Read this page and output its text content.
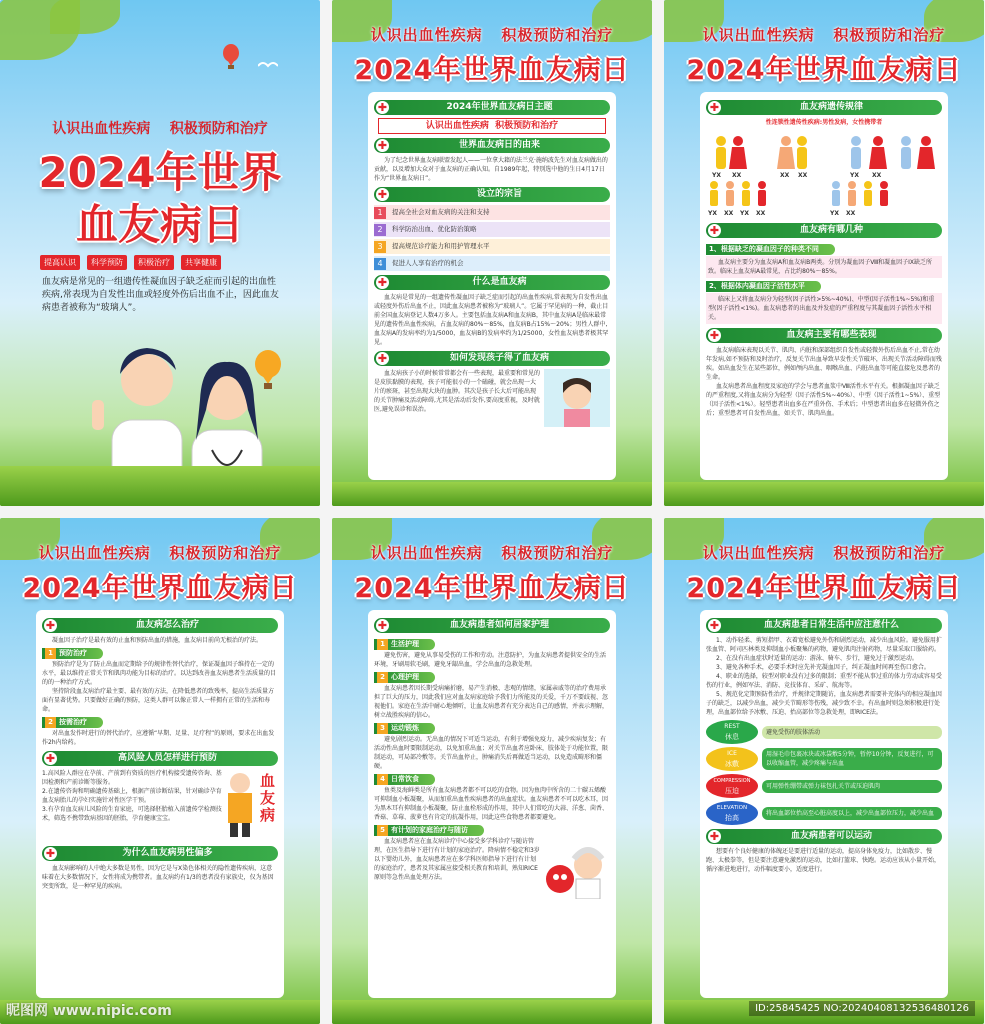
认识出血性疾病    积极预防和治疗
2024年世界
血友病日
提高认识	科学预防	积极治疗	共享健康
血友病是常见的一组遗传性凝血因子缺乏症而引起的出血性疾病,常表现为自发性出血或轻度外伤后出血不止，因此血友病患者被称为“玻璃人”。
认识出血性疾病   积极预防和治疗
2024年世界血友病日
✚	2024年世界血友病日主题
认识出血性疾病  积极预防和治疗
✚	世界血友病日的由来
为了纪念世界血友病联盟发起人——一位拿大籍的法兰克·施纳波先生对血友病做出的贡献，以及增加大众对于血友病的正确认知。自1989年起，特别选中他的生日4月17日作为“世界血友病日”。
✚	设立的宗旨
1	提高全社会对血友病的关注和支持
2	科学防治出血、优化防治策略
3	提高规范诊疗能力和用护管理水平
4	促进人人享有治疗的机会
✚	什么是血友病
血友病是常见的一组遗传性凝血因子缺乏症而引起的出血性疾病,常表现为自发性出血或轻度外伤后出血不止，因此血友病患者被称为“玻璃人”。它属于罕见病的一种，截止目前全国血友病登记人数4万多人。主要包括血友病A和血友病B，其中血友病A是临床最常见的遗传性出血性疾病，占血友病的80%～85%，血友病B占15%～20%；男性人群中,血友病A的发病率约为1/5000，血友病B的发病率约为1/25000，女性血友病患者极其罕见。
✚	如何发现孩子得了血友病
血友病孩子小的时候常常都会有一些表现，最重要和常见的是皮肤黏膜的表现，孩子可能很小的一个磕碰，就会出现一大片的瘀斑，甚至出现大块的血肿。其次是孩子长大后可能出现的关节肿痛及活动障碍,尤其是活动后发作,要高度重视，及时就医,避免误诊和误治。
认识出血性疾病   积极预防和治疗
2024年世界血友病日
✚	血友病遗传规律
性连锁性遗传性疾病:男性发病，女性携带者
YX XX
YX XX YX XX
XX XX	YX XX
YX XX
✚	血友病有哪几种
1、根据缺乏的凝血因子的种类不同
血友病主要分为血友病A和血友病B两类。分别为凝血因子Ⅷ和凝血因子IX缺乏所致。临床上血友病A最常见，占比约80%～85%。
2、根据体内凝血因子活性水平
临床上又将血友病分为轻型(因子活性>5%~40%)、中型(因子活性1%~5%)和重型(因子活性<1%)。血友病患者的出血及并发症的严重程度与其凝血因子活性水平相关。
✚	血友病主要有哪些表现
血友病临床表现以关节、肌肉、内脏和深部组织自发性或轻微外伤后出血不止,常在幼年发病,如不预防和及时治疗，反复关节出血导致早发性关节破坏，出现关节活动障碍而残疾。如出血发生在某些部位，例如颅内出血、咽喉出血、内脏出血等可能直接危及患者的生命。
血友病患者出血程度及家庭的学会与患者血浆中Ⅷ活性水平有关。根据凝血因子缺乏的严重程度,又将血友病分为轻型（因子活性5%~40%）、中型（因子活性1~5%）、重型（因子活性<1%）。轻型患者出血多在严重外伤、手术后；中型患者出血多在轻微外伤之后；重型患者可自发性出血，如关节、肌肉出血。
认识出血性疾病   积极预防和治疗
2024年世界血友病日
✚	血友病怎么治疗
凝血因子治疗是最有效的止血和预防出血的措施，血友病目前尚无根治的疗法。
1 预防治疗
预防治疗是为了防止出血而定期给予的规律性替代治疗，保证凝血因子维持在一定的水平，最以维持正常关节和肌肉功能为目标的治疗。以达到改善血友病患者生活质量的目的的一种治疗方式。
坚持阶段血友病治疗最主要、最有效的方法，在降低患者的致残率，提高生活质量方面有显著优势。只要做好正确的预防，这类人群可以像正常人一样拥有正常的生活和寿命。
2 按需治疗
对出血发作时进行的替代治疗，应遵循“早期、足量、足疗程”的原则，要求在出血发作2h内给药。
✚	高风险人员怎样进行预防
1.高风险人群应在孕前、产前到有资质的医疗机构接受遗传咨询、基因检测和产前诊断等服务。
2.在遗传咨询和明确遗传基础上，根据产前诊断结果，针对确诊孕育血友病胎儿的孕妇实施针对性医学干预。
3.有孕育血友病儿风险的生育家庭，可选择胚胎植入前遗传学检测技术，筛选不携带致病基因的胚胎，孕育健康宝宝。
血友病
✚	为什么血友病男性偏多
血友病影响的人中绝大多数是男性，因为它是与X染色体相关的隐性遗传疾病，这意味着在大多数情况下，女性将成为携带者。血友病约有1/3的患者没有家族史，仅为基因突变所致，是一种罕见的疾病。
认识出血性疾病   积极预防和治疗
2024年世界血友病日
✚	血友病患者如何居家护理
1 生活护理
避免伤害，避免从事易受伤的工作和劳动。注意防护，为血友病患者提供安全的生活环境，牙刷用软毛刷，避免牙龈出血，学会出血的急救处理。
2 心理护理
血友病患者因长期受病痛折磨，易产生消极、悲观的情绪，家属亲戚等的治疗费用承担了巨大的压力，因此我们应对血友病家庭给予我们力所能及的关爱，千万不要歧视、忽视他们。家庭在生活中耐心地倾听，让血友病患者有充分表达自己的感情，并表示理解，树立战胜疾病的信心。
3 运动锻炼
避免剧烈运动。无出血的情况下可适当运动，有利于增强免疫力，减少疾病复发；有活动性出血时要限制运动，以免加重出血；对关节出血者应卧床，肢体处于功能位置，限制运动，可局部冷敷等。关节出血停止，肿痛消失后再做适当运动，以免造成畸形和僵硬。
4 日常饮食
鱼类及海鲜类是所有血友病患者都不可以吃的食物。因为鱼肉中所含的二十碳五烯酸可抑制血小板凝聚，从而加重出血性疾病患者的出血症状。血友病患者不可以吃木耳，因为黑木耳有抑制血小板凝聚，防止血栓形成的作用，其中人们常吃的大蒜、洋葱、茴香、香菇、草莓、菠萝也有肯定的抗凝作用，因此这些食物患者都要避免。
5 有计划的家庭治疗与随访
血友病患者应在血友病诊疗中心接受多学科诊疗与随访管理，在医生指导下进行有计划的家庭治疗。降病情不稳定和3岁以下婴幼儿外，血友病患者应在多学科医师指导下进行有计划的家庭治疗，患者及其家属应接受相关教育和培训，熟知RICE原则等急性出血处理方法。
认识出血性疾病   积极预防和治疗
2024年世界血友病日
✚	血友病患者日常生活中应注意什么
1、动作轻柔、剪短指甲、衣着宽松避免外伤和剧烈运动，减少出血风险。避免服用扩张血管、阿司匹林类及抑制血小板聚集的药物，避免肌肉注射药物，尽量采取口服给药。
2、在没有出血症状时适量的运动：游泳、骑车、步行，避免过于激烈运动。
3、避免各种手术，必要手术时应先补充凝血因子，纠正凝血时间再至伤口愈合。
4、职业的选择，较型对职业没有过多的限制；重型不能从事过重的体力劳动或容易受伤的行业，例如军法、消防、竞技体育、采矿、航海等。
5、规范化定期预防性治疗，并规律定期随访，血友病患者需要补充体内的相应凝血因子的缺乏，以减少出血，减少关节畸形等伤残，减少致不幸。有出血时则急须积极进行处理，出血部位给予冰敷、压迫、抬高部位等急救处理，即RICE法。
REST
休息
避免受伤的肢体活动
ICE
冰敷
用湿毛巾包裹冰块或冰袋敷5分钟，暂停10分钟，反复进行，可以收缩血管，减少疼痛与出血
COMPRESSION
压迫
可用弹性绷带或弹力袜包扎关节或压迫肌肉
ELEVATION
抬高
将出血部位抬高至心脏高度以上，减少出血部位压力，减少出血
✚	血友病患者可以运动
想要有个良好健康的体魄还是要进行适量的运动，提高身体免疫力，比如散步、慢跑、太极拳等，但是要注意避免激烈的运动，比如打篮球、快跑。运动应该从小量开始，循序渐进地进行，动作幅度要小，适度进行。
昵图网 www.nipic.com	ID:25845425 NO:20240408132536480126
